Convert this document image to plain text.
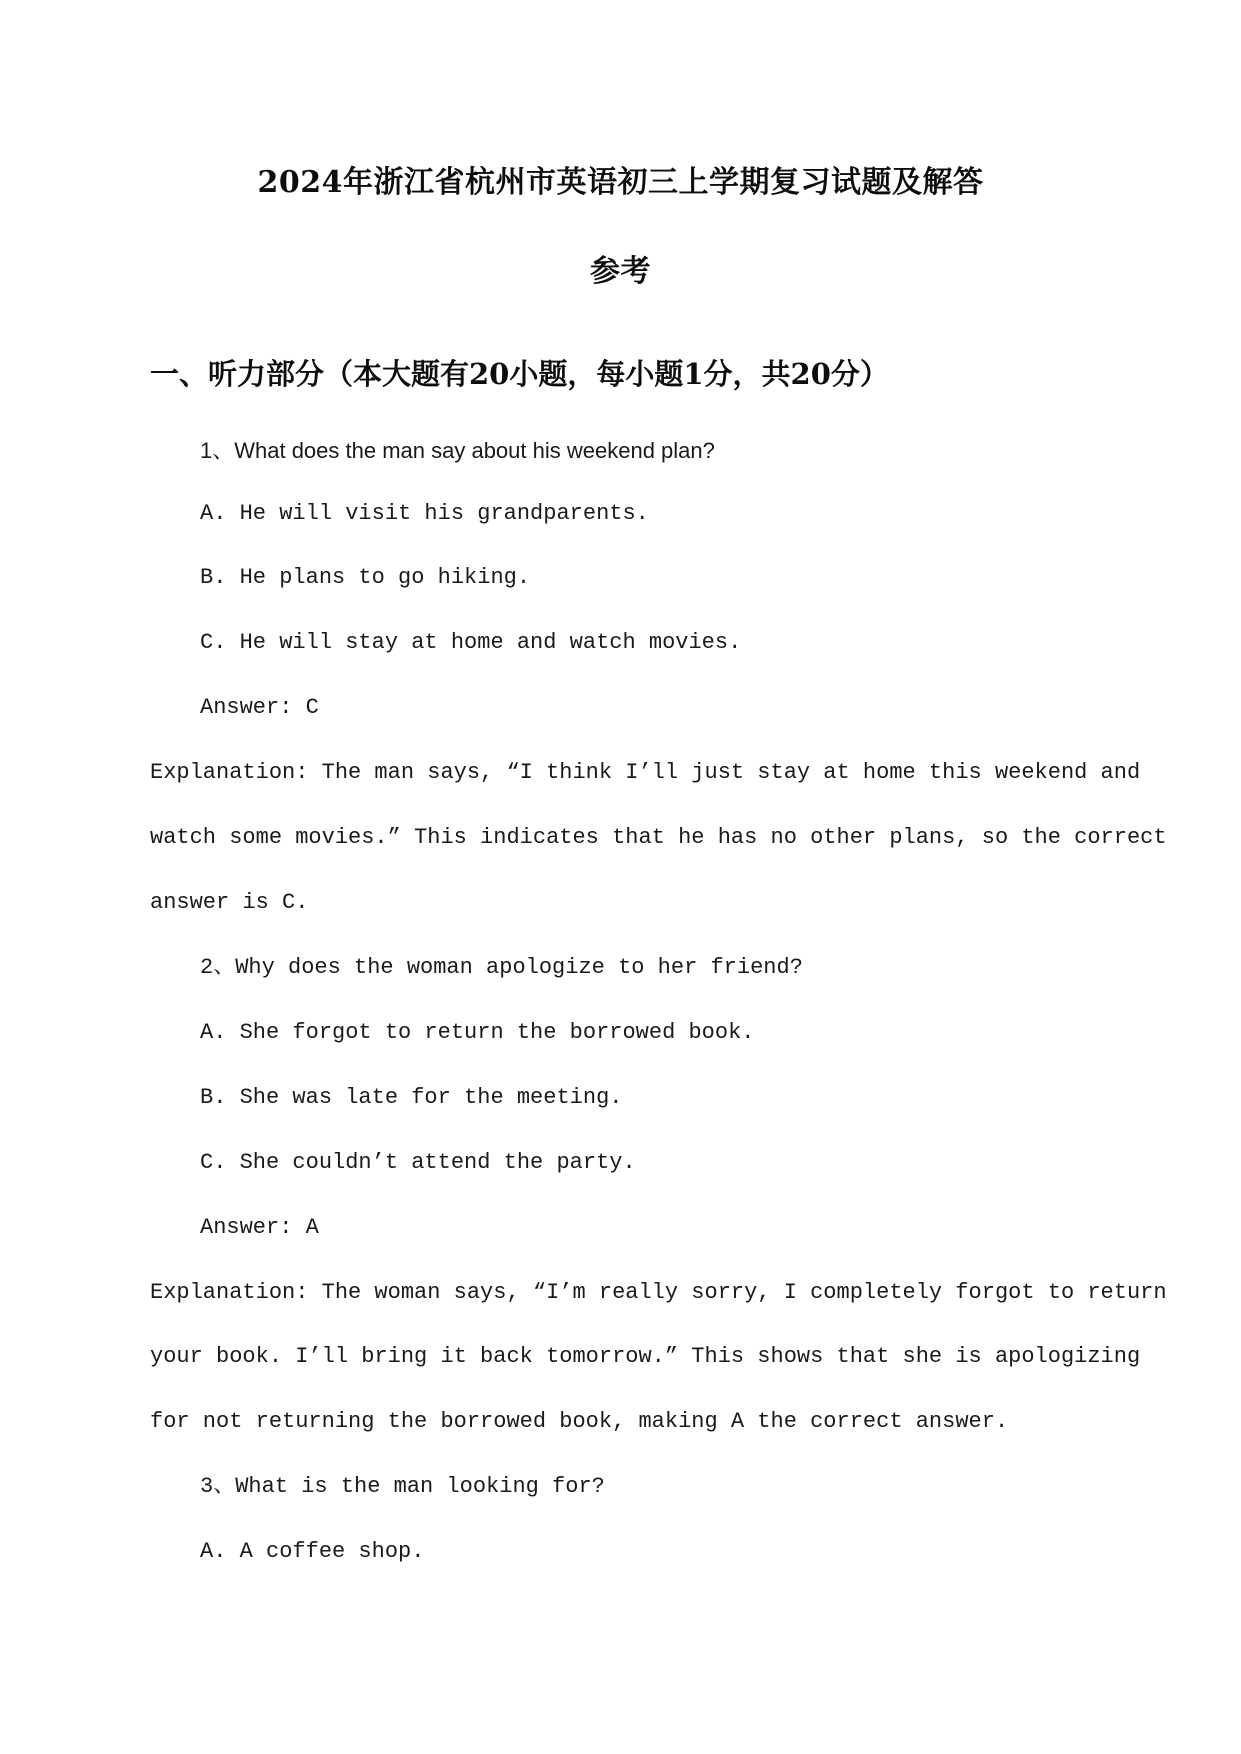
2024年浙江省杭州市英语初三上学期复习试题及解答
参考
一、听力部分（本大题有20小题，每小题1分，共20分）
1、What does the man say about his weekend plan?
A. He will visit his grandparents.
B. He plans to go hiking.
C. He will stay at home and watch movies.
Answer: C
Explanation: The man says, “I think I’ll just stay at home this weekend and
watch some movies.” This indicates that he has no other plans, so the correct
answer is C.
2、Why does the woman apologize to her friend?
A. She forgot to return the borrowed book.
B. She was late for the meeting.
C. She couldn’t attend the party.
Answer: A
Explanation: The woman says, “I’m really sorry, I completely forgot to return
your book. I’ll bring it back tomorrow.” This shows that she is apologizing
for not returning the borrowed book, making A the correct answer.
3、What is the man looking for?
A. A coffee shop.
